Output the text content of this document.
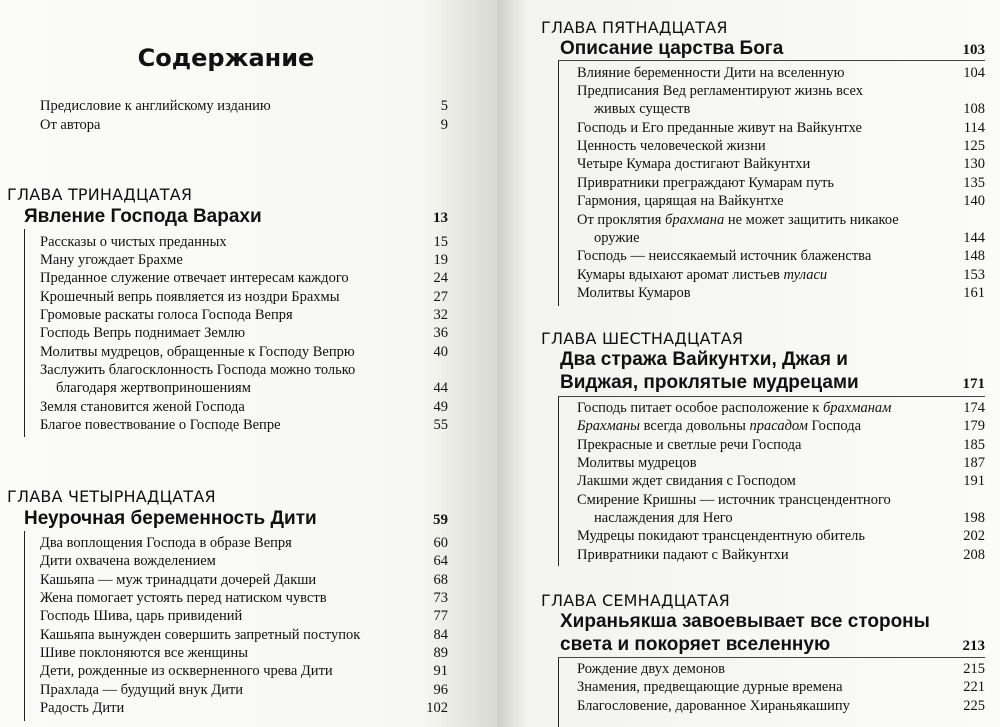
Содержание
Предисловие к английскому изданию	5
От автора	9
ГЛАВА ТРИНАДЦАТАЯ
Явление Господа Варахи	13
Рассказы о чистых преданных	15
Ману угождает Брахме	19
Преданное служение отвечает интересам каждого	24
Крошечный вепрь появляется из ноздри Брахмы	27
Громовые раскаты голоса Господа Вепря	32
Господь Вепрь поднимает Землю	36
Молитвы мудрецов, обращенные к Господу Вепрю	40
Заслужить благосклонность Господа можно только
благодаря жертвоприношениям	44
Земля становится женой Господа	49
Благое повествование о Господе Вепре	55
ГЛАВА ЧЕТЫРНАДЦАТАЯ
Неурочная беременность Дити	59
Два воплощения Господа в образе Вепря	60
Дити охвачена вожделением	64
Кашьяпа — муж тринадцати дочерей Дакши	68
Жена помогает устоять перед натиском чувств	73
Господь Шива, царь привидений	77
Кашьяпа вынужден совершить запретный поступок	84
Шиве поклоняются все женщины	89
Дети, рожденные из оскверненного чрева Дити	91
Прахлада — будущий внук Дити	96
Радость Дити	102
ГЛАВА ПЯТНАДЦАТАЯ
Описание царства Бога	103
Влияние беременности Дити на вселенную	104
Предписания Вед регламентируют жизнь всех
живых существ	108
Господь и Его преданные живут на Вайкунтхе	114
Ценность человеческой жизни	125
Четыре Кумара достигают Вайкунтхи	130
Привратники преграждают Кумарам путь	135
Гармония, царящая на Вайкунтхе	140
От проклятия брахмана не может защитить никакое
оружие	144
Господь — неиссякаемый источник блаженства	148
Кумары вдыхают аромат листьев туласи	153
Молитвы Кумаров	161
ГЛАВА ШЕСТНАДЦАТАЯ
Два стража Вайкунтхи, Джая и
Виджая, проклятые мудрецами	171
Господь питает особое расположение к брахманам	174
Брахманы всегда довольны прасадом Господа	179
Прекрасные и светлые речи Господа	185
Молитвы мудрецов	187
Лакшми ждет свидания с Господом	191
Смирение Кришны — источник трансцендентного
наслаждения для Него	198
Мудрецы покидают трансцендентную обитель	202
Привратники падают с Вайкунтхи	208
ГЛАВА СЕМНАДЦАТАЯ
Хираньякша завоевывает все стороны
света и покоряет вселенную	213
Рождение двух демонов	215
Знамения, предвещающие дурные времена	221
Благословение, дарованное Хираньякашипу	225
